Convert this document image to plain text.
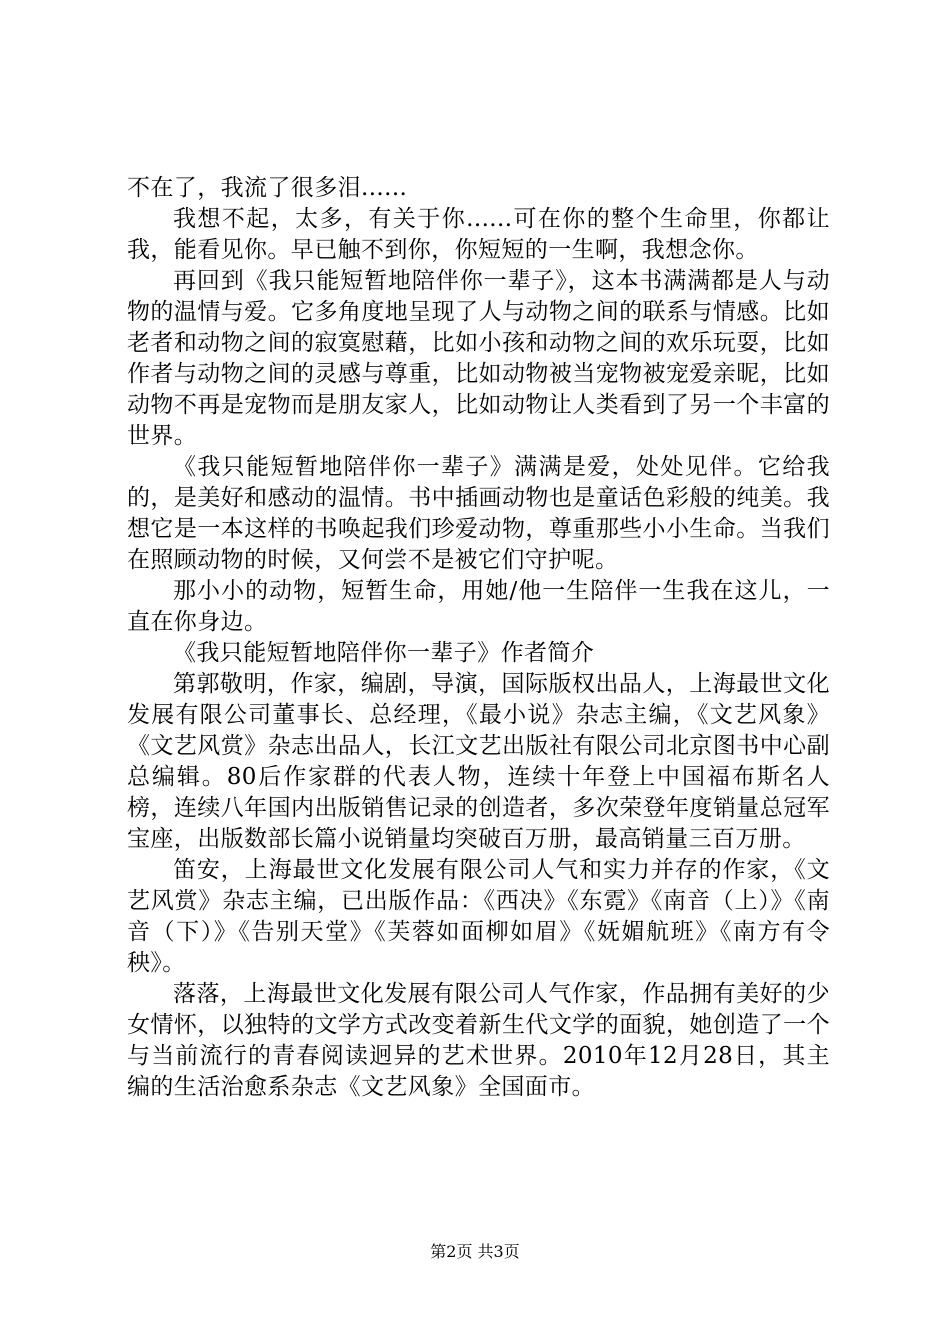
不在了，我流了很多泪......

我想不起，太多，有关于你......可在你的整个生命里，你都让我，能看见你。早已触不到你，你短短的一生啊，我想念你。

再回到《我只能短暂地陪伴你一辈子》，这本书满满都是人与动物的温情与爱。它多角度地呈现了人与动物之间的联系与情感。比如老者和动物之间的寂寞慰藉，比如小孩和动物之间的欢乐玩耍，比如作者与动物之间的灵感与尊重，比如动物被当宠物被宠爱亲昵，比如动物不再是宠物而是朋友家人，比如动物让人类看到了另一个丰富的世界。

《我只能短暂地陪伴你一辈子》满满是爱，处处见伴。它给我的，是美好和感动的温情。书中插画动物也是童话色彩般的纯美。我想它是一本这样的书唤起我们珍爱动物，尊重那些小小生命。当我们在照顾动物的时候，又何尝不是被它们守护呢。

那小小的动物，短暂生命，用她/他一生陪伴一生我在这儿，一直在你身边。

《我只能短暂地陪伴你一辈子》作者简介

第郭敬明，作家，编剧，导演，国际版权出品人，上海最世文化发展有限公司董事长、总经理，《最小说》杂志主编，《文艺风象》《文艺风赏》杂志出品人，长江文艺出版社有限公司北京图书中心副总编辑。80后作家群的代表人物，连续十年登上中国福布斯名人榜，连续八年国内出版销售记录的创造者，多次荣登年度销量总冠军宝座，出版数部长篇小说销量均突破百万册，最高销量三百万册。

笛安，上海最世文化发展有限公司人气和实力并存的作家，《文艺风赏》杂志主编，已出版作品：《西决》《东霓》《南音（上）》《南音（下）》《告别天堂》《芙蓉如面柳如眉》《妩媚航班》《南方有令秧》。

落落，上海最世文化发展有限公司人气作家，作品拥有美好的少女情怀，以独特的文学方式改变着新生代文学的面貌，她创造了一个与当前流行的青春阅读迥异的艺术世界。2010年12月28日，其主编的生活治愈系杂志《文艺风象》全国面市。

第2页 共3页
